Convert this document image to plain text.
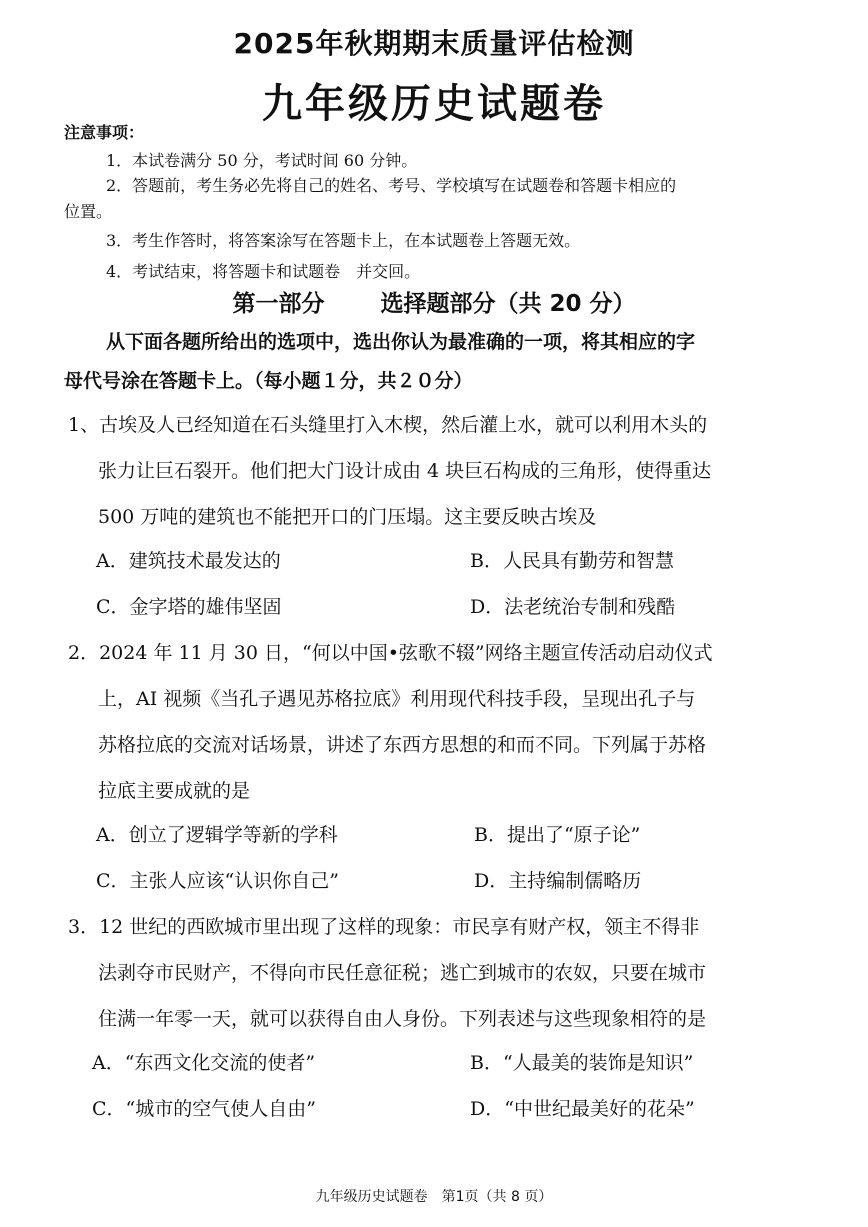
2025年秋期期末质量评估检测
九年级历史试题卷
注意事项：
1．本试卷满分 50 分，考试时间 60 分钟。
2．答题前，考生务必先将自己的姓名、考号、学校填写在试题卷和答题卡相应的
位置。
3．考生作答时，将答案涂写在答题卡上，在本试题卷上答题无效。
4．考试结束，将答题卡和试题卷　并交回。
第一部分 选择题部分（共 20 分）
从下面各题所给出的选项中，选出你认为最准确的一项，将其相应的字
母代号涂在答题卡上。（每小题１分，共２０分）
1、古埃及人已经知道在石头缝里打入木楔，然后灌上水，就可以利用木头的
张力让巨石裂开。他们把大门设计成由 4 块巨石构成的三角形，使得重达
500 万吨的建筑也不能把开口的门压塌。这主要反映古埃及
A．建筑技术最发达的	B．人民具有勤劳和智慧
C．金字塔的雄伟坚固	D．法老统治专制和残酷
2．2024 年 11 月 30 日，“何以中国•弦歌不辍”网络主题宣传活动启动仪式
上，AI 视频《当孔子遇见苏格拉底》利用现代科技手段，呈现出孔子与
苏格拉底的交流对话场景，讲述了东西方思想的和而不同。下列属于苏格
拉底主要成就的是
A．创立了逻辑学等新的学科	B．提出了“原子论”
C．主张人应该“认识你自己”	D．主持编制儒略历
3．12 世纪的西欧城市里出现了这样的现象：市民享有财产权，领主不得非
法剥夺市民财产，不得向市民任意征税；逃亡到城市的农奴，只要在城市
住满一年零一天，就可以获得自由人身份。下列表述与这些现象相符的是
A．“东西文化交流的使者”	B．“人最美的装饰是知识”
C．“城市的空气使人自由”	D．“中世纪最美好的花朵”
九年级历史试题卷　第1页（共 8 页）
